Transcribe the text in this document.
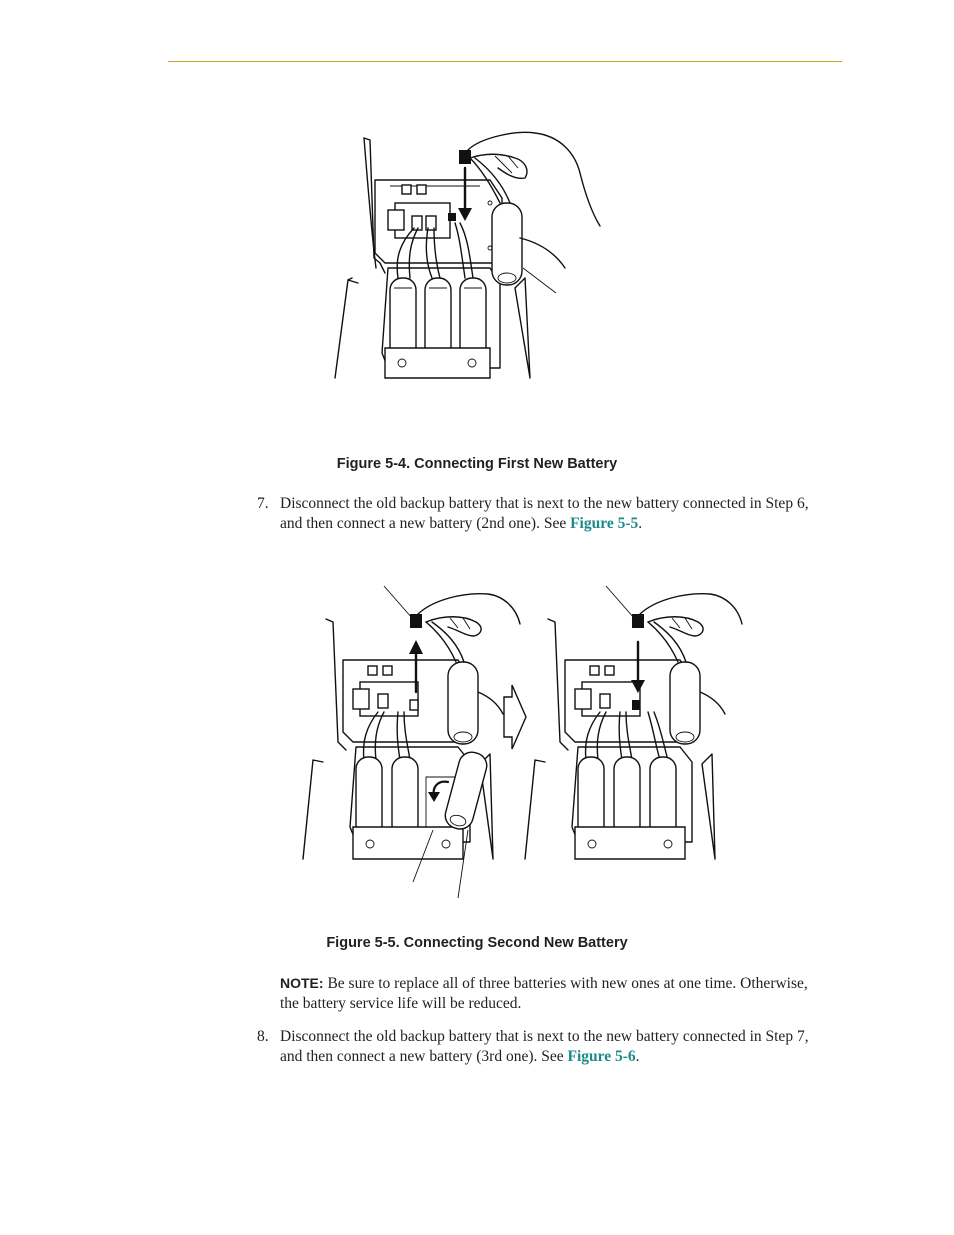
Figure 5-4. Connecting First New Battery
7. Disconnect the old backup battery that is next to the new battery connected in Step 6, and then connect a new battery (2nd one). See Figure 5-5.
Figure 5-5. Connecting Second New Battery
NOTE: Be sure to replace all of three batteries with new ones at one time. Otherwise, the battery service life will be reduced.
8. Disconnect the old backup battery that is next to the new battery connected in Step 7, and then connect a new battery (3rd one). See Figure 5-6.
